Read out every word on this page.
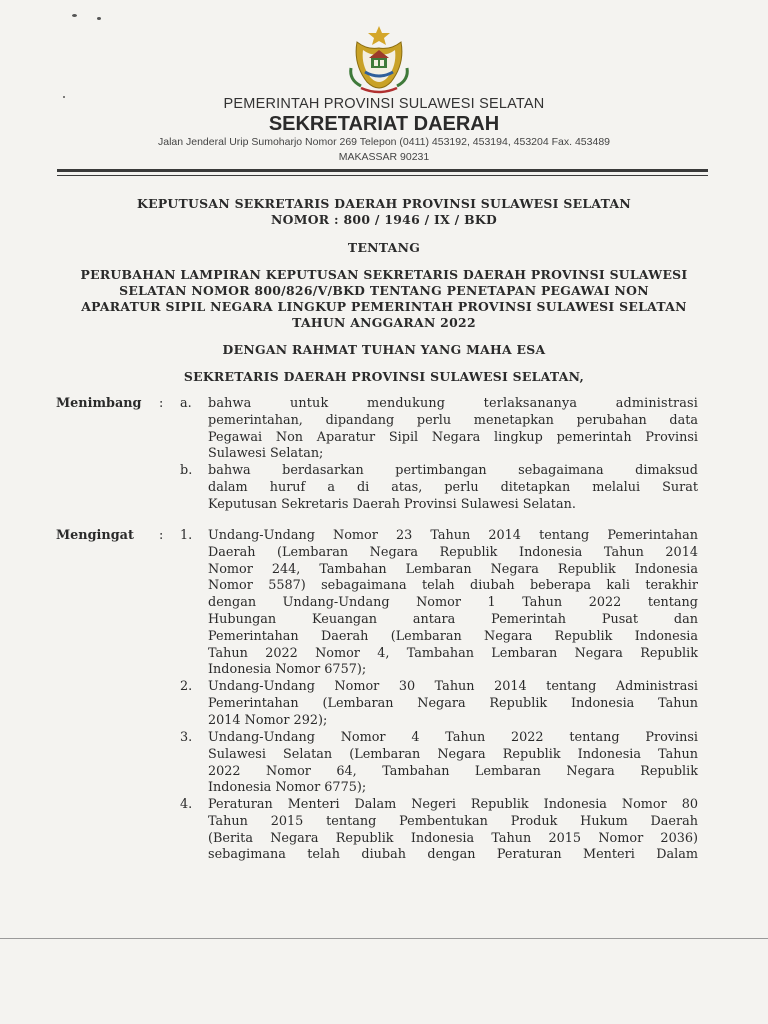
PEMERINTAH PROVINSI SULAWESI SELATAN
SEKRETARIAT DAERAH
Jalan Jenderal Urip Sumoharjo Nomor 269 Telepon (0411) 453192, 453194, 453204 Fax. 453489
MAKASSAR 90231
KEPUTUSAN SEKRETARIS DAERAH PROVINSI SULAWESI SELATAN
NOMOR : 800 / 1946 / IX / BKD
TENTANG
PERUBAHAN LAMPIRAN KEPUTUSAN SEKRETARIS DAERAH PROVINSI SULAWESI
SELATAN NOMOR 800/826/V/BKD TENTANG PENETAPAN PEGAWAI NON
APARATUR SIPIL NEGARA LINGKUP PEMERINTAH PROVINSI SULAWESI SELATAN
TAHUN ANGGARAN 2022
DENGAN RAHMAT TUHAN YANG MAHA ESA
SEKRETARIS DAERAH PROVINSI SULAWESI SELATAN,
Menimbang : a. bahwa untuk mendukung terlaksananya administrasi
pemerintahan, dipandang perlu menetapkan perubahan data
Pegawai Non Aparatur Sipil Negara lingkup pemerintah Provinsi
Sulawesi Selatan;
b. bahwa berdasarkan pertimbangan sebagaimana dimaksud
dalam huruf a di atas, perlu ditetapkan melalui Surat
Keputusan Sekretaris Daerah Provinsi Sulawesi Selatan.
Mengingat : 1. Undang-Undang Nomor 23 Tahun 2014 tentang Pemerintahan
Daerah (Lembaran Negara Republik Indonesia Tahun 2014
Nomor 244, Tambahan Lembaran Negara Republik Indonesia
Nomor 5587) sebagaimana telah diubah beberapa kali terakhir
dengan Undang-Undang Nomor 1 Tahun 2022 tentang
Hubungan Keuangan antara Pemerintah Pusat dan
Pemerintahan Daerah (Lembaran Negara Republik Indonesia
Tahun 2022 Nomor 4, Tambahan Lembaran Negara Republik
Indonesia Nomor 6757);
2. Undang-Undang Nomor 30 Tahun 2014 tentang Administrasi
Pemerintahan (Lembaran Negara Republik Indonesia Tahun
2014 Nomor 292);
3. Undang-Undang Nomor 4 Tahun 2022 tentang Provinsi
Sulawesi Selatan (Lembaran Negara Republik Indonesia Tahun
2022 Nomor 64, Tambahan Lembaran Negara Republik
Indonesia Nomor 6775);
4. Peraturan Menteri Dalam Negeri Republik Indonesia Nomor 80
Tahun 2015 tentang Pembentukan Produk Hukum Daerah
(Berita Negara Republik Indonesia Tahun 2015 Nomor 2036)
sebagimana telah diubah dengan Peraturan Menteri Dalam
